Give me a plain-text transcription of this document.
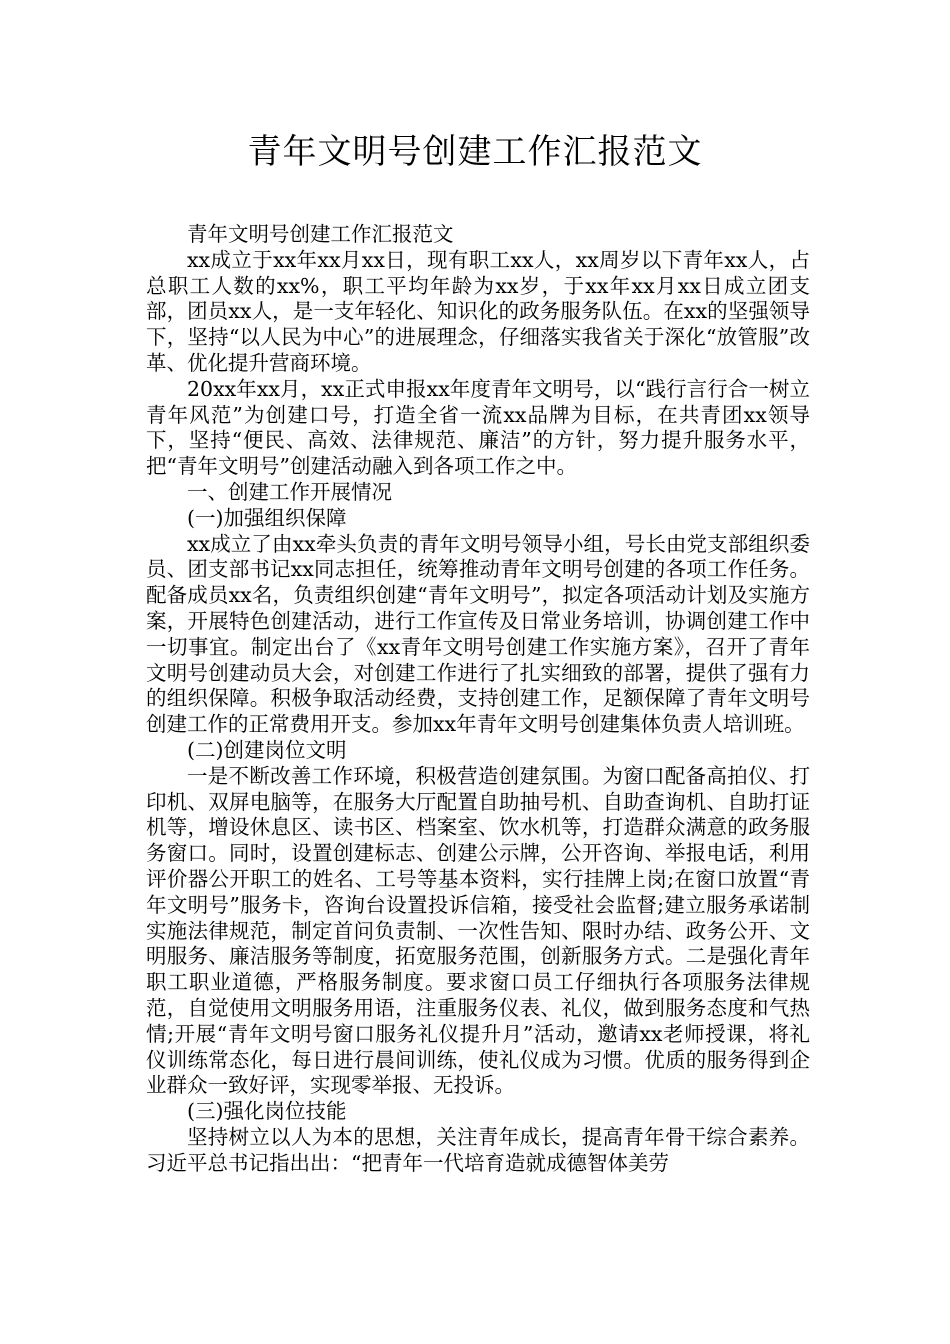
青年文明号创建工作汇报范文

青年文明号创建工作汇报范文

xx成立于xx年xx月xx日，现有职工xx人，xx周岁以下青年xx人，占总职工人数的xx%，职工平均年龄为xx岁，于xx年xx月xx日成立团支部，团员xx人，是一支年轻化、知识化的政务服务队伍。在xx的坚强领导下，坚持“以人民为中心”的进展理念，仔细落实我省关于深化“放管服”改革、优化提升营商环境。

20xx年xx月，xx正式申报xx年度青年文明号，以“践行言行合一树立青年风范”为创建口号，打造全省一流xx品牌为目标，在共青团xx领导下，坚持“便民、高效、法律规范、廉洁”的方针，努力提升服务水平，把“青年文明号”创建活动融入到各项工作之中。

一、创建工作开展情况

(一)加强组织保障

xx成立了由xx牵头负责的青年文明号领导小组，号长由党支部组织委员、团支部书记xx同志担任，统筹推动青年文明号创建的各项工作任务。配备成员xx名，负责组织创建“青年文明号”，拟定各项活动计划及实施方案，开展特色创建活动，进行工作宣传及日常业务培训，协调创建工作中一切事宜。制定出台了《xx青年文明号创建工作实施方案》，召开了青年文明号创建动员大会，对创建工作进行了扎实细致的部署，提供了强有力的组织保障。积极争取活动经费，支持创建工作，足额保障了青年文明号创建工作的正常费用开支。参加xx年青年文明号创建集体负责人培训班。

(二)创建岗位文明

一是不断改善工作环境，积极营造创建氛围。为窗口配备高拍仪、打印机、双屏电脑等，在服务大厅配置自助抽号机、自助查询机、自助打证机等，增设休息区、读书区、档案室、饮水机等，打造群众满意的政务服务窗口。同时，设置创建标志、创建公示牌，公开咨询、举报电话，利用评价器公开职工的姓名、工号等基本资料，实行挂牌上岗;在窗口放置“青年文明号”服务卡，咨询台设置投诉信箱，接受社会监督;建立服务承诺制实施法律规范，制定首问负责制、一次性告知、限时办结、政务公开、文明服务、廉洁服务等制度，拓宽服务范围，创新服务方式。二是强化青年职工职业道德，严格服务制度。要求窗口员工仔细执行各项服务法律规范，自觉使用文明服务用语，注重服务仪表、礼仪，做到服务态度和气热情;开展“青年文明号窗口服务礼仪提升月”活动，邀请xx老师授课，将礼仪训练常态化，每日进行晨间训练，使礼仪成为习惯。优质的服务得到企业群众一致好评，实现零举报、无投诉。

(三)强化岗位技能

坚持树立以人为本的思想，关注青年成长，提高青年骨干综合素养。习近平总书记指出出：“把青年一代培育造就成德智体美劳
